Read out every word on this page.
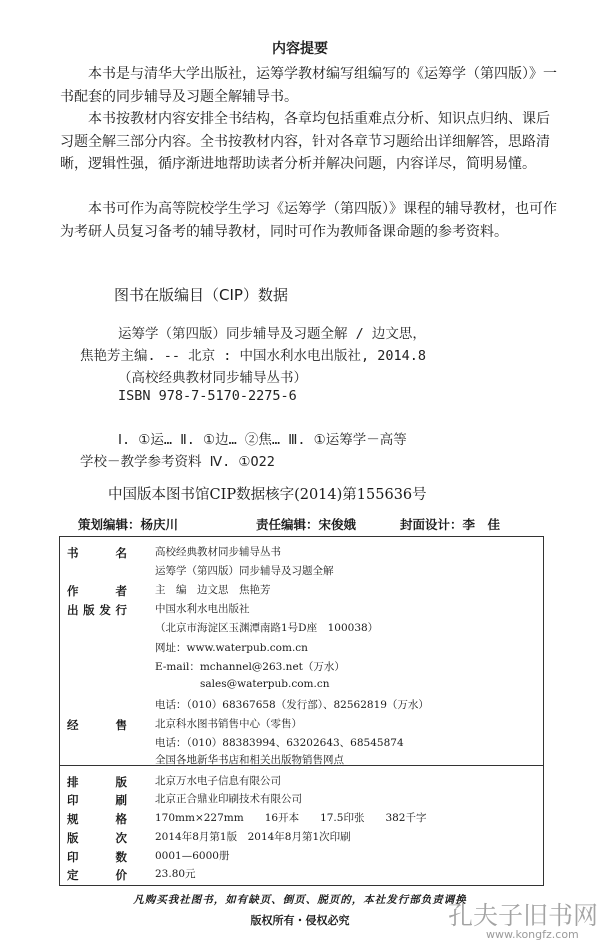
内容提要
本书是与清华大学出版社，运筹学教材编写组编写的《运筹学（第四版）》一书配套的同步辅导及习题全解辅导书。
本书按教材内容安排全书结构，各章均包括重难点分析、知识点归纳、课后习题全解三部分内容。全书按教材内容，针对各章节习题给出详细解答，思路清晰，逻辑性强，循序渐进地帮助读者分析并解决问题，内容详尽，简明易懂。
本书可作为高等院校学生学习《运筹学（第四版）》课程的辅导教材，也可作为考研人员复习备考的辅导教材，同时可作为教师备课命题的参考资料。
图书在版编目（CIP）数据
运筹学（第四版）同步辅导及习题全解 / 边文思，
焦艳芳主编. -- 北京 : 中国水利水电出版社, 2014.8
（高校经典教材同步辅导丛书）
ISBN 978-7-5170-2275-6
Ⅰ. ①运… Ⅱ. ①边… ②焦… Ⅲ. ①运筹学－高等
学校－教学参考资料 Ⅳ. ①O22
中国版本图书馆CIP数据核字(2014)第155636号
策划编辑：杨庆川	责任编辑：宋俊娥	封面设计：李　佳
书　　名	高校经典教材同步辅导丛书
运筹学（第四版）同步辅导及习题全解
作　　者	主　编　边文思　焦艳芳
出版发行	中国水利水电出版社
（北京市海淀区玉渊潭南路1号D座　100038）
网址：www.waterpub.com.cn
E-mail：mchannel@263.net（万水）
sales@waterpub.com.cn
电话：（010）68367658（发行部）、82562819（万水）
经　　售	北京科水图书销售中心（零售）
电话：（010）88383994、63202643、68545874
全国各地新华书店和相关出版物销售网点
排　　版	北京万水电子信息有限公司
印　　刷	北京正合鼎业印刷技术有限公司
规　　格	170mm×227mm　　16开本　　17.5印张　　382千字
版　　次	2014年8月第1版　2014年8月第1次印刷
印　　数	0001—6000册
定　　价	23.80元
凡购买我社图书，如有缺页、倒页、脱页的，本社发行部负责调换
版权所有・侵权必究	孔夫子旧书网
www.kongfz.com
